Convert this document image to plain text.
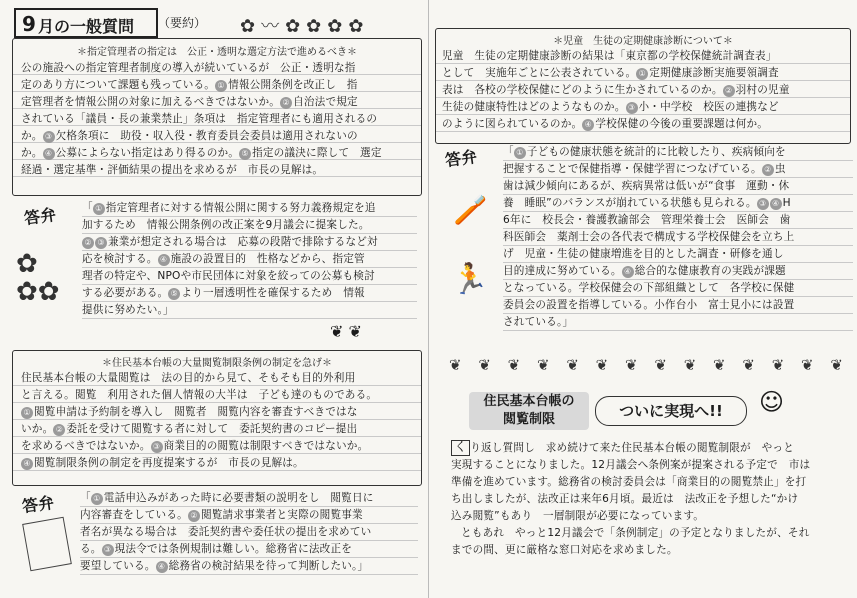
9 月の一般質問 （要約） ✿〰✿✿✿✿
＊指定管理者の指定は　公正・透明な選定方法で進めるべき＊

公の施設への指定管理者制度の導入が続いているが　公正・透明な指

定のあり方について課題も残っている。 ① 情報公開条例を改正し　指

定管理者を情報公開の対象に加えるべきではないか。 ② 自治法で規定

されている「議員・長の兼業禁止」条項は　指定管理者にも適用されるの

か。 ③ 欠格条項に　助役・収入役・教育委員会委員は適用されないの

か。 ④ 公募によらない指定はあり得るのか。 ⑤ 指定の議決に際して　選定

経過・選定基準・評価結果の提出を求めるが　市長の見解は。

答弁
✿
✿✿

「 ① 指定管理者に対する情報公開に関する努力義務規定を追

加するため　情報公開条例の改正案を9月議会に提案した。

② ③ 兼業が想定される場合は　応募の段階で排除するなど対

応を検討する。 ④ 施設の設置目的　性格などから、指定管

理者の特定や、NPOや市民団体に対象を絞っての公募も検討

する必要がある。 ⑤ より一層透明性を確保するため　情報

提供に努めたい。」

❦ ❦
＊住民基本台帳の大量閲覧制限条例の制定を急げ＊

住民基本台帳の大量閲覧は　法の目的から見て、そもそも目的外利用

と言える。閲覧　利用された個人情報の大半は　子ども達のものである。

① 閲覧申請は予約制を導入し　閲覧者　閲覧内容を審査すべきではな

いか。 ② 委託を受けて閲覧する者に対して　委託契約書のコピー提出

を求めるべきではないか。 ③ 商業目的の閲覧は制限すべきではないか。

④ 閲覧制限条例の制定を再度提案するが　市長の見解は。

答弁 「 ① 電話申込みがあった時に必要書類の説明をし　閲覧日に

内容審査をしている。 ② 閲覧請求事業者と実際の閲覧事業

者名が異なる場合は　委託契約書や委任状の提出を求めてい

る。 ③ 現法令では条例規制は難しい。総務省に法改正を

要望している。 ④ 総務省の検討結果を待って判断したい。」

＊児童　生徒の定期健康診断について＊

児童　生徒の定期健康診断の結果は「東京都の学校保健統計調査表」

として　実施年ごとに公表されている。 ① 定期健康診断実施要領調査

表は　各校の学校保健にどのように生かされているのか。 ② 羽村の児童

生徒の健康特性はどのようなものか。 ③ 小・中学校　校医の連携など

のように図られているのか。 ④ 学校保健の今後の重要課題は何か。

答弁
🪥
🏃

「 ① 子どもの健康状態を統計的に比較したり、疾病傾向を

把握することで保健指導・保健学習につなげている。 ② 虫

歯は減少傾向にあるが、疾病異常は低いが“食事　運動・休

養　睡眠”のバランスが崩れている状態も見られる。 ③ ④ H

6年に　校長会・養護教諭部会　管理栄養士会　医師会　歯

科医師会　薬剤士会の各代表で構成する学校保健会を立ち上

げ　児童・生徒の健康増進を目的とした調査・研修を通し

目的達成に努めている。 ④ 総合的な健康教育の実践が課題

となっている。学校保健会の下部組織として　各学校に保健

委員会の設置を指導している。小作台小　富士見小には設置

されている。」

❦ ❦ ❦ ❦ ❦ ❦ ❦ ❦ ❦ ❦ ❦ ❦ ❦ ❦
住民基本台帳の
閲覧制限	ついに実現へ!!	☺

く り返し質問し　求め続けて来た住民基本台帳の閲覧制限が　やっと

実現することになりました。12月議会へ条例案が提案される予定で　市は

準備を進めています。総務省の検討委員会は「商業目的の閲覧禁止」を打

ち出しましたが、法改正は来年6月頃。最近は　法改正を予想した“かけ

込み閲覧”もあり　一層制限が必要になっています。

ともあれ　やっと12月議会で「条例制定」の予定となりましたが、それ

までの間、更に厳格な窓口対応を求めました。
